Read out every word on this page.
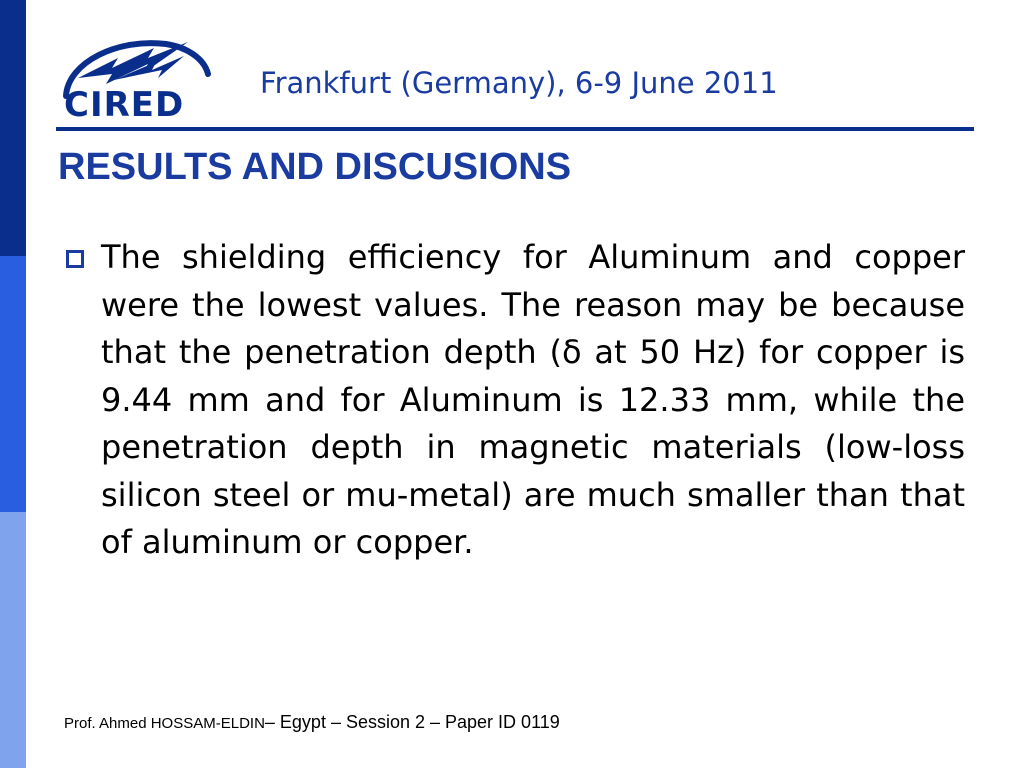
CIRED
Frankfurt (Germany), 6-9 June 2011
RESULTS AND DISCUSIONS
The shielding efficiency for Aluminum and copper were the lowest values. The reason may be because that the penetration depth (δ at 50 Hz) for copper is 9.44 mm and for Aluminum is 12.33 mm, while the penetration depth in magnetic materials (low-loss silicon steel or mu-metal) are much smaller than that of aluminum or copper.
Prof. Ahmed HOSSAM-ELDIN– Egypt – Session 2 – Paper ID 0119
